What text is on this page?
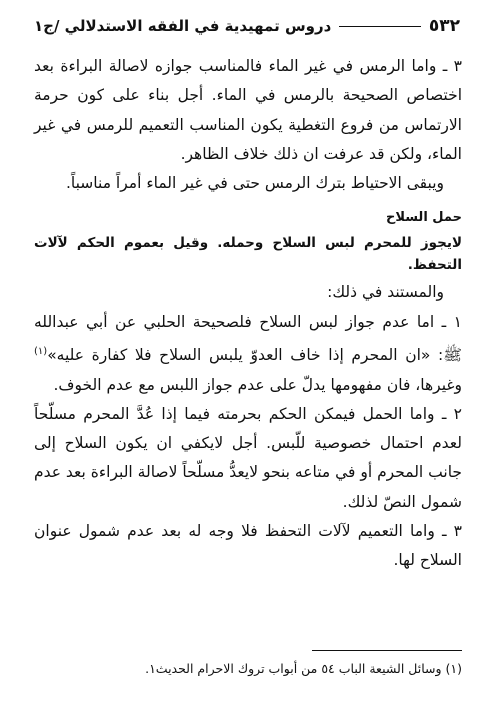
٥٣٢
دروس تمهيدية في الفقه الاستدلالي /ج١

٣ ـ واما الرمس في غير الماء فالمناسب جوازه لاصالة البراءة بعد اختصاص الصحيحة بالرمس في الماء. أجل بناء على كون حرمة الارتماس من فروع التغطية يكون المناسب التعميم للرمس في غير الماء، ولكن قد عرفت ان ذلك خلاف الظاهر.

ويبقى الاحتياط بترك الرمس حتى في غير الماء أمراً مناسباً.

حمل السلاح

لايجوز للمحرم لبس السلاح وحمله. وقيل بعموم الحكم لآلات التحفظ.

والمستند في ذلك:

١ ـ اما عدم جواز لبس السلاح فلصحيحة الحلبي عن أبي عبدالله ﷺ: «ان المحرم إذا خاف العدوّ يلبس السلاح فلا كفارة عليه»$^{(١)}$ وغيرها، فان مفهومها يدلّ على عدم جواز اللبس مع عدم الخوف.

٢ ـ واما الحمل فيمكن الحكم بحرمته فيما إذا عُدَّ المحرم مسلّحاً لعدم احتمال خصوصية للّبس. أجل لايكفي ان يكون السلاح إلى جانب المحرم أو في متاعه بنحو لايعدُّ مسلّحاً لاصالة البراءة بعد عدم شمول النصّ لذلك.

٣ ـ واما التعميم لآلات التحفظ فلا وجه له بعد عدم شمول عنوان السلاح لها.

(١) وسائل الشيعة الباب ٥٤ من أبواب تروك الاحرام الحديث١.
